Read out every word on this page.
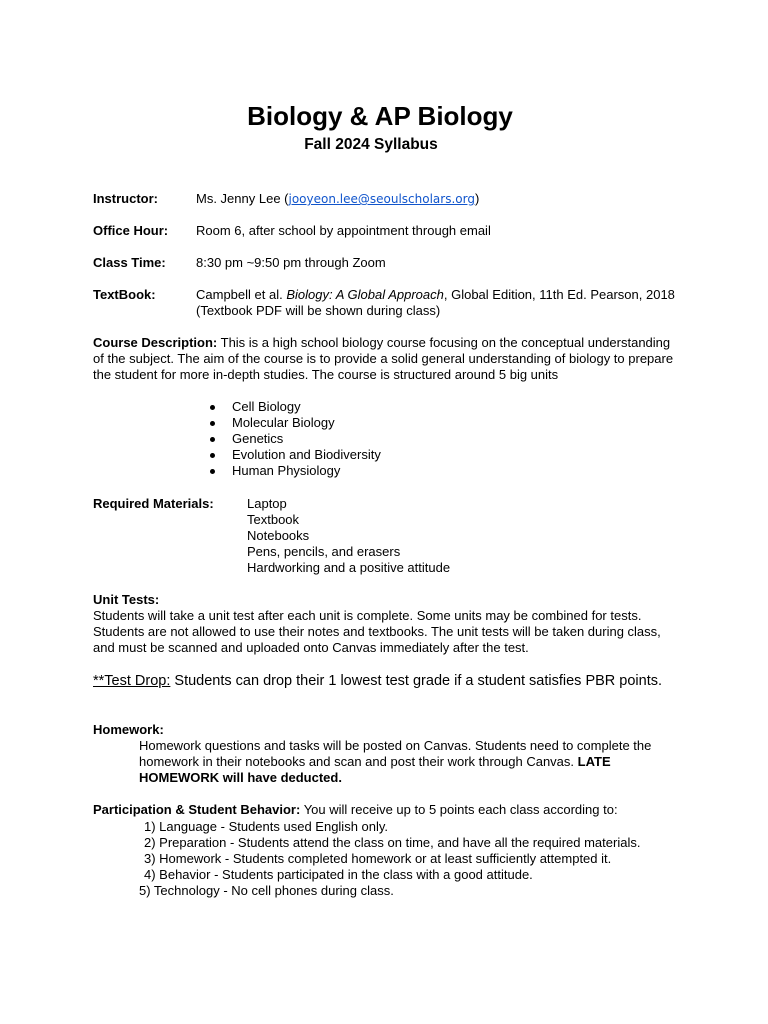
Biology & AP Biology
Fall 2024 Syllabus
Instructor:	Ms. Jenny Lee (jooyeon.lee@seoulscholars.org)
Office Hour: Room 6, after school by appointment through email
Class Time: 8:30 pm ~9:50 pm through Zoom
TextBook:	Campbell et al. Biology: A Global Approach, Global Edition, 11th Ed. Pearson, 2018
(Textbook PDF will be shown during class)
Course Description: This is a high school biology course focusing on the conceptual understanding of the subject. The aim of the course is to provide a solid general understanding of biology to prepare the student for more in-depth studies. The course is structured around 5 big units
Cell Biology
Molecular Biology
Genetics
Evolution and Biodiversity
Human Physiology
Required Materials:	Laptop
Textbook
Notebooks
Pens, pencils, and erasers
Hardworking and a positive attitude
Unit Tests:
Students will take a unit test after each unit is complete. Some units may be combined for tests. Students are not allowed to use their notes and textbooks. The unit tests will be taken during class, and must be scanned and uploaded onto Canvas immediately after the test.
**Test Drop: Students can drop their 1 lowest test grade if a student satisfies PBR points.
Homework:
Homework questions and tasks will be posted on Canvas. Students need to complete the homework in their notebooks and scan and post their work through Canvas. LATE HOMEWORK will have deducted.
Participation & Student Behavior: You will receive up to 5 points each class according to:
1) Language - Students used English only.
2) Preparation - Students attend the class on time, and have all the required materials.
3) Homework - Students completed homework or at least sufficiently attempted it.
4) Behavior - Students participated in the class with a good attitude.
5) Technology - No cell phones during class.
